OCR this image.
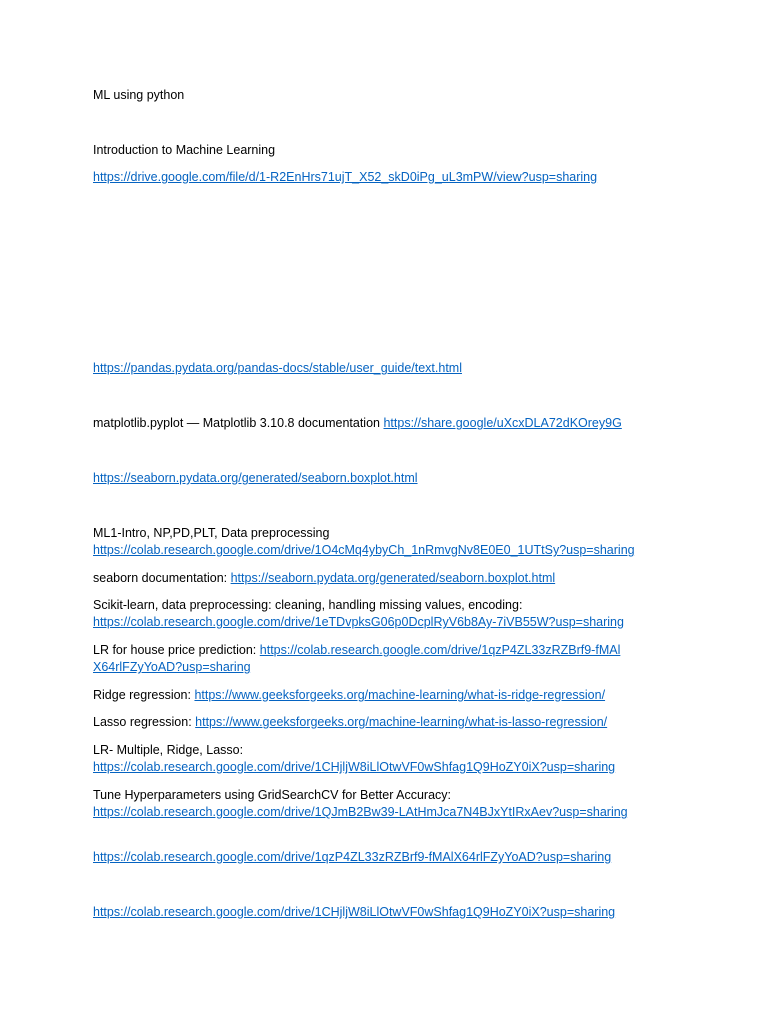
ML using python
Introduction to Machine Learning
https://drive.google.com/file/d/1-R2EnHrs71ujT_X52_skD0iPg_uL3mPW/view?usp=sharing
https://pandas.pydata.org/pandas-docs/stable/user_guide/text.html
matplotlib.pyplot — Matplotlib 3.10.8 documentation https://share.google/uXcxDLA72dKOrey9G
https://seaborn.pydata.org/generated/seaborn.boxplot.html
ML1-Intro, NP,PD,PLT, Data preprocessing
https://colab.research.google.com/drive/1O4cMq4ybyCh_1nRmvgNv8E0E0_1UTtSy?usp=sharing
seaborn documentation: https://seaborn.pydata.org/generated/seaborn.boxplot.html
Scikit-learn, data preprocessing: cleaning, handling missing values, encoding:
https://colab.research.google.com/drive/1eTDvpksG06p0DcplRyV6b8Ay-7iVB55W?usp=sharing
LR for house price prediction: https://colab.research.google.com/drive/1qzP4ZL33zRZBrf9-fMAlX64rlFZyYoAD?usp=sharing
Ridge regression: https://www.geeksforgeeks.org/machine-learning/what-is-ridge-regression/
Lasso regression: https://www.geeksforgeeks.org/machine-learning/what-is-lasso-regression/
LR- Multiple, Ridge, Lasso:
https://colab.research.google.com/drive/1CHjljW8iLlOtwVF0wShfag1Q9HoZY0iX?usp=sharing
Tune Hyperparameters using GridSearchCV for Better Accuracy:
https://colab.research.google.com/drive/1QJmB2Bw39-LAtHmJca7N4BJxYtIRxAev?usp=sharing
https://colab.research.google.com/drive/1qzP4ZL33zRZBrf9-fMAlX64rlFZyYoAD?usp=sharing
https://colab.research.google.com/drive/1CHjljW8iLlOtwVF0wShfag1Q9HoZY0iX?usp=sharing
